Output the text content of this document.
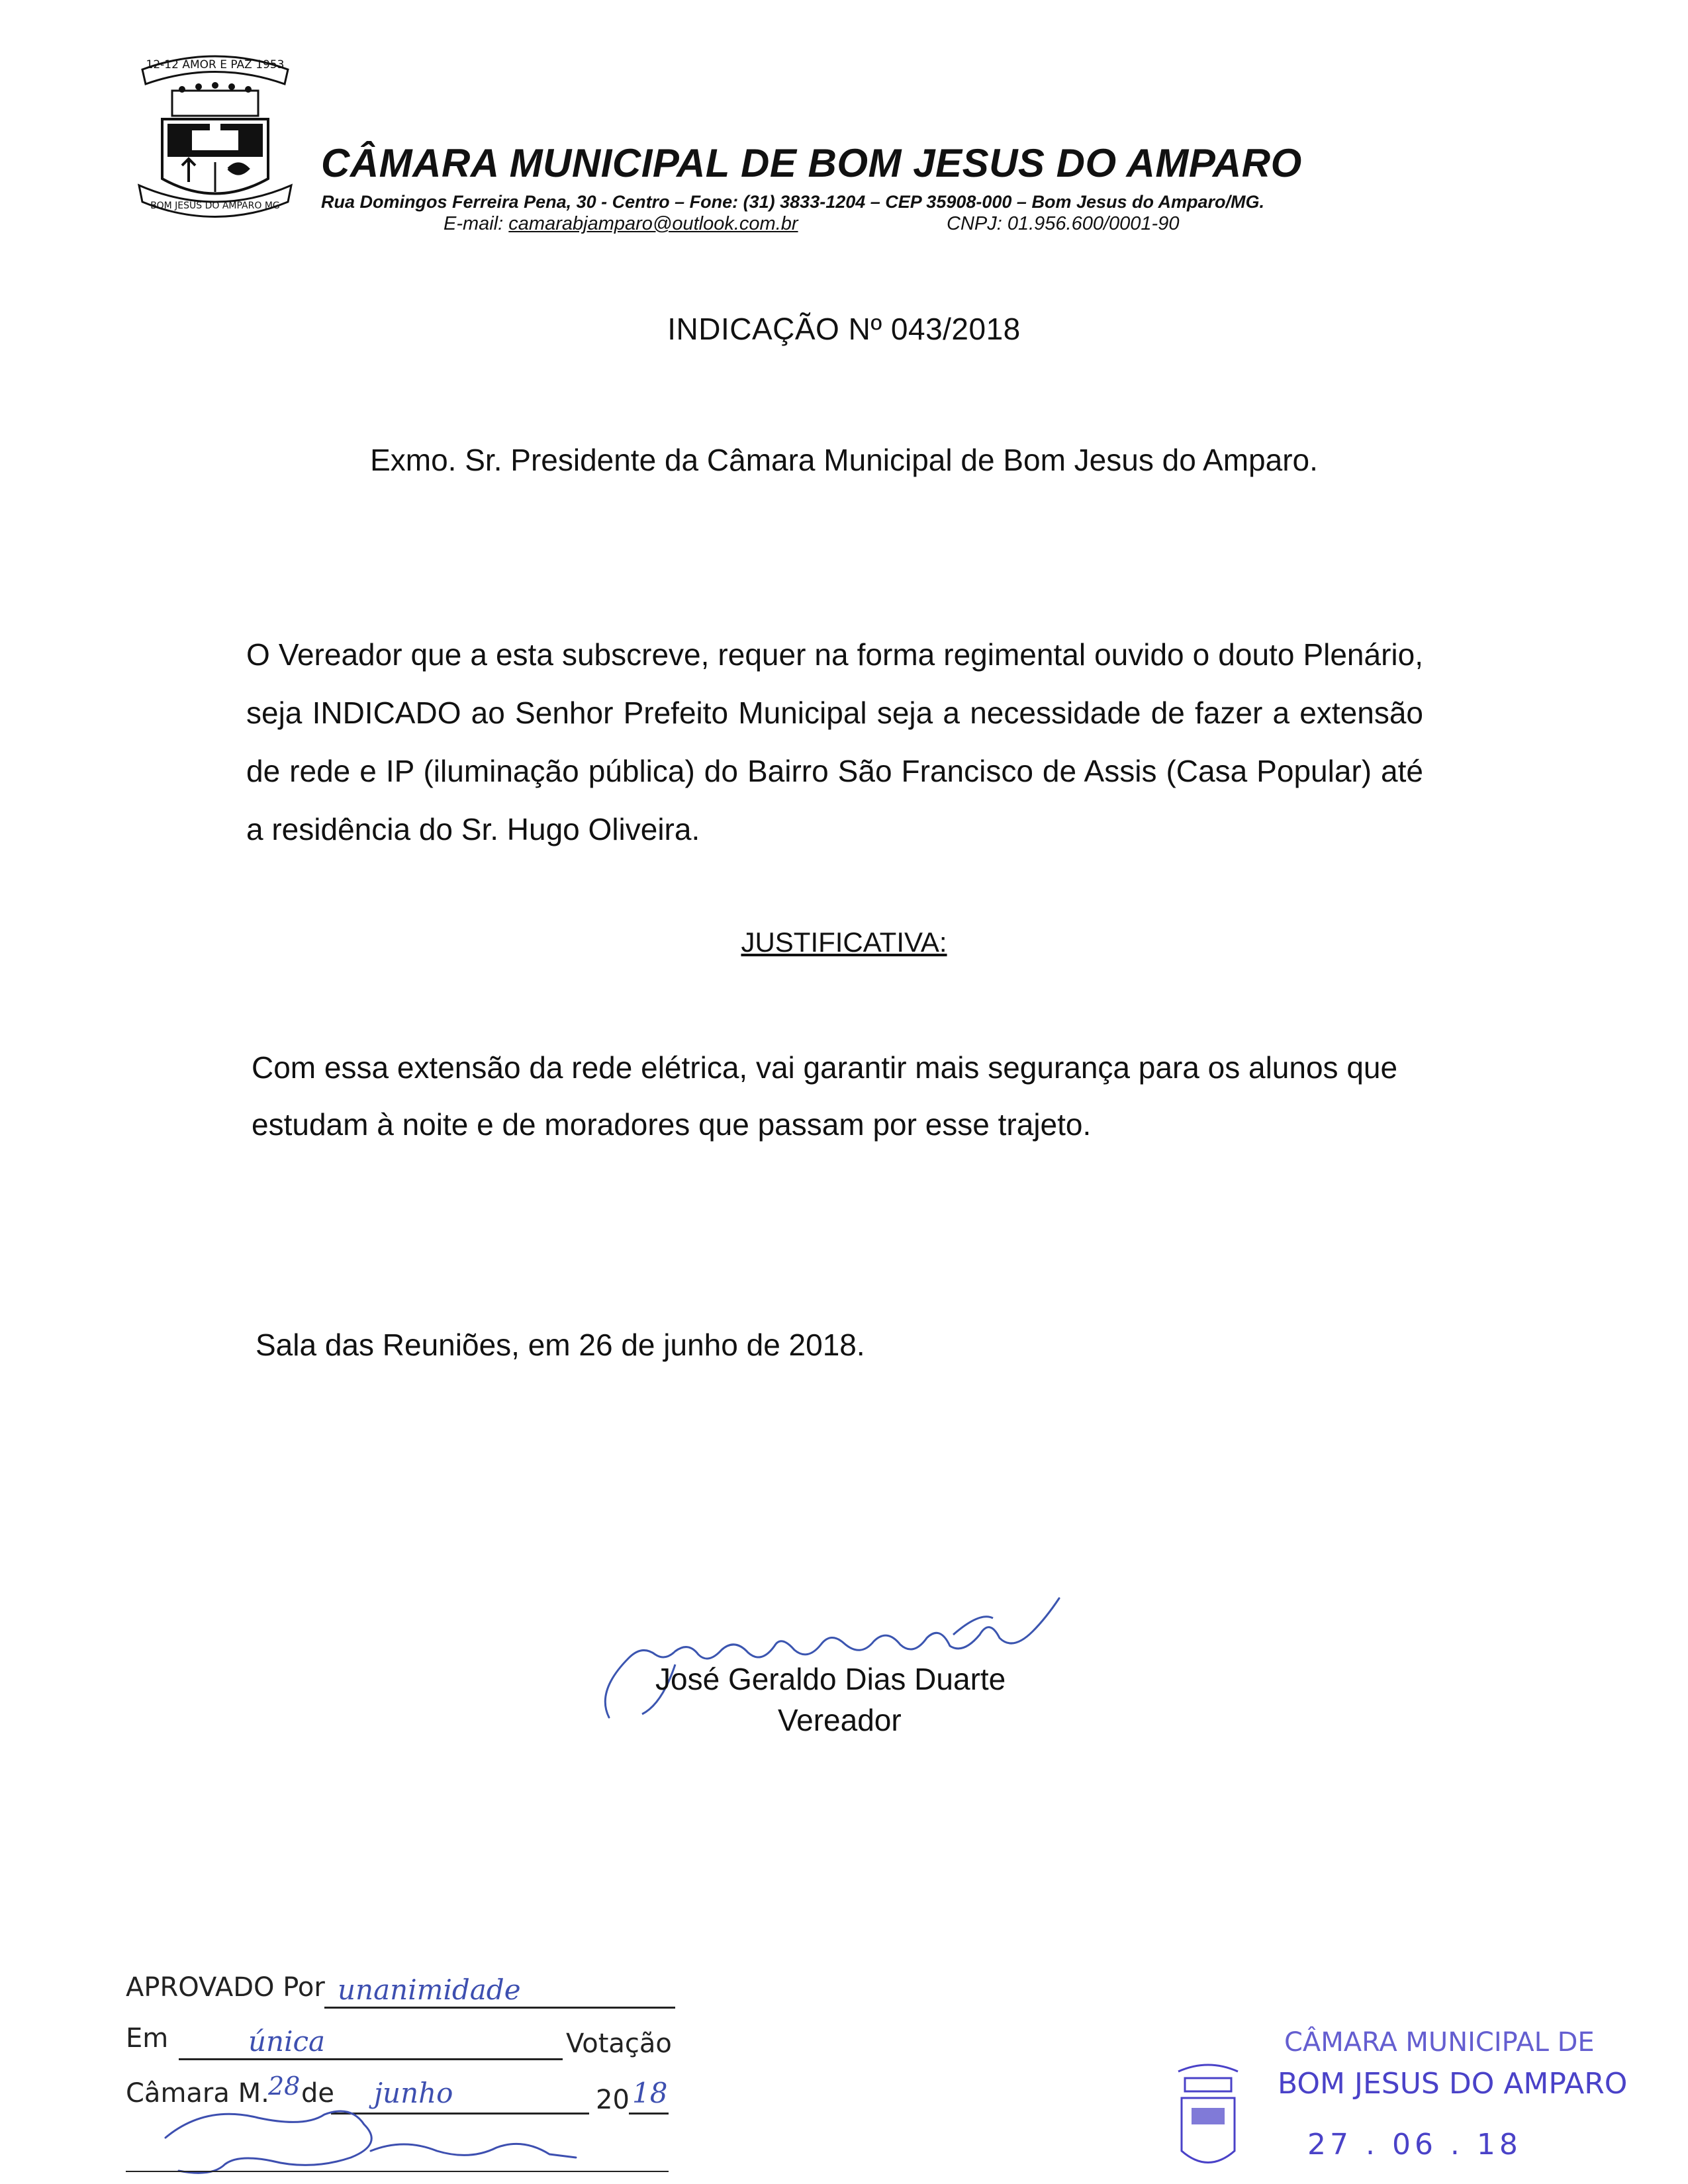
12-12 AMOR E PAZ 1953
BOM JESUS DO AMPARO MG
CÂMARA MUNICIPAL DE BOM JESUS DO AMPARO
Rua Domingos Ferreira Pena, 30 - Centro – Fone: (31) 3833-1204 – CEP 35908-000 – Bom Jesus do Amparo/MG.
E-mail: camarabjamparo@outlook.com.br	CNPJ: 01.956.600/0001-90
INDICAÇÃO Nº 043/2018
Exmo. Sr. Presidente da Câmara Municipal de Bom Jesus do Amparo.
O Vereador que a esta subscreve, requer na forma regimental ouvido o douto Plenário, seja INDICADO ao Senhor Prefeito Municipal seja a necessidade de fazer a extensão de rede e IP (iluminação pública) do Bairro São Francisco de Assis (Casa Popular) até a residência do Sr. Hugo Oliveira.
JUSTIFICATIVA:
Com essa extensão da rede elétrica, vai garantir mais segurança para os alunos que estudam à noite e de moradores que passam por esse trajeto.
Sala das Reuniões, em 26 de junho de 2018.
José Geraldo Dias Duarte
Vereador
APROVADO Por unanimidade
Em	única	Votação
Câmara M.
28 de junho	20 18
CÂMARA MUNICIPAL DE
BOM JESUS DO AMPARO
27 . 06 . 18
